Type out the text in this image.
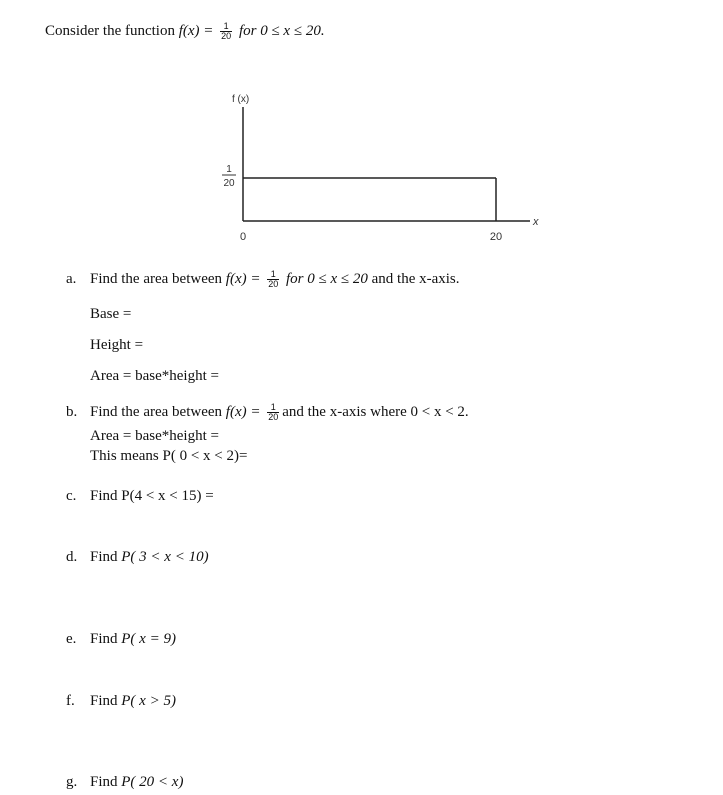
Consider the function $f(x) = \frac{1}{20}$ for 0 ≤ x ≤ 20.
f (x)
x
1
20
0	20
a. Find the area between $f(x) = \frac{1}{20}$ for 0 ≤ x ≤ 20 and the x-axis.
Base =
Height =
Area = base*height =
b. Find the area between $f(x) = \frac{1}{20}$ and the x-axis where 0 < x < 2.
Area = base*height =
This means P( 0 < x < 2)=
c. Find P(4 < x < 15) =
d. Find P( 3 < x < 10)
e. Find P( x = 9)
f. Find P( x > 5)
g. Find P( 20 < x)
